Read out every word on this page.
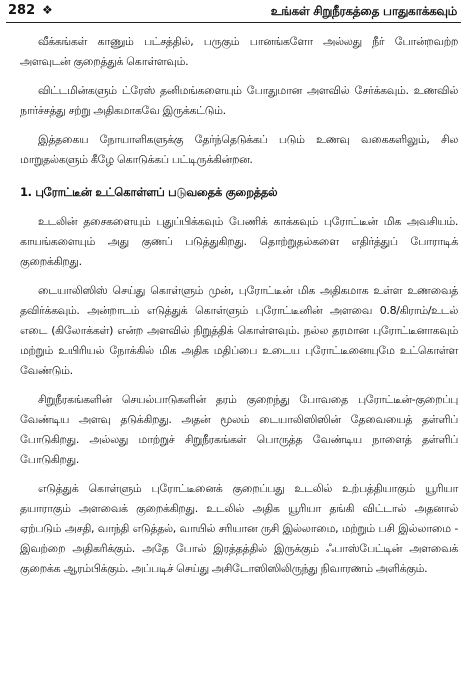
282 ❖	உங்கள் சிறுநீரகத்தை பாதுகாக்கவும்

வீக்கங்கள் காணும் பட்சத்தில், பருகும் பானங்களோ அல்லது நீர் போன்றவற்ற அளவுடன் குறைத்துக் கொள்ளவும்.

விட்டமின்களும் ட்ரேஸ் தனிமங்களையும் போதுமான அளவில் சேர்க்கவும். உணவில் நார்ச்சத்து சற்று அதிகமாகவே இருக்கட்டும்.

இத்தகைய நோயாளிகளுக்கு தேர்ந்தெடுக்கப் படும் உணவு வகைகளிலும், சில மாறுதல்களும் கீழே கொடுக்கப் பட்டிருக்கின்றன.

1. புரோட்டீன் உட்கொள்ளப் படுவதைக் குறைத்தல்

உடலின் தசைகளையும் புதுப்பிக்கவும் பேணிக் காக்கவும் புரோட்டீன் மிக அவசியம். காயங்களையும் அது குணப் படுத்துகிறது. தொற்றுதல்களை எதிர்த்துப் போராடிக் குறைக்கிறது.

டையாலிஸிஸ் செய்து கொள்ளும் முன், புரோட்டீன் மிக அதிகமாக உள்ள உணவைத் தவிர்க்கவும். அன்றாடம் எடுத்துக் கொள்ளும் புரோட்டீனின் அளவை 0.8/கிராம்/உடல் எடை (கிலோக்கள்) என்ற அளவில் நிறுத்திக் கொள்ளவும். நல்ல தரமான புரோட்டீனாகவும் மற்றும் உயிரியல் நோக்கில் மிக அதிக மதிப்பை உடைய புரோட்டீனையுமே உட்கொள்ள வேண்டும்.

சிறுநீரகங்களின் செயல்பாடுகளின் தரம் குறைந்து போவதை புரோட்டீன்-குறைப்பு வேண்டிய அளவு தடுக்கிறது. அதன் மூலம் டையாலிஸிஸின் தேவையைத் தள்ளிப் போடுகிறது. அல்லது மாற்றுச் சிறுநீரகங்கள் பொருத்த வேண்டிய நாளைத் தள்ளிப் போடுகிறது.

எடுத்துக் கொள்ளும் புரோட்டீனைக் குறைப்பது உடலில் உற்பத்தியாகும் யூரியா தயாராகும் அளவைக் குறைக்கிறது. உடலில் அதிக யூரியா தங்கி விட்டால் அதனால் ஏற்படும் அசதி, வாந்தி எடுத்தல், வாயில் சரியான ருசி இல்லாமை, மற்றும் பசி இல்லாமை - இவற்றை அதிகரிக்கும். அதே போல் இரத்தத்தில் இருக்கும் ஃபாஸ்பேட்டின் அளவைக் குறைக்க ஆரம்பிக்கும். அப்படிச் செய்து அசிடோஸிஸிலிருந்து நிவாரணம் அளிக்கும்.
